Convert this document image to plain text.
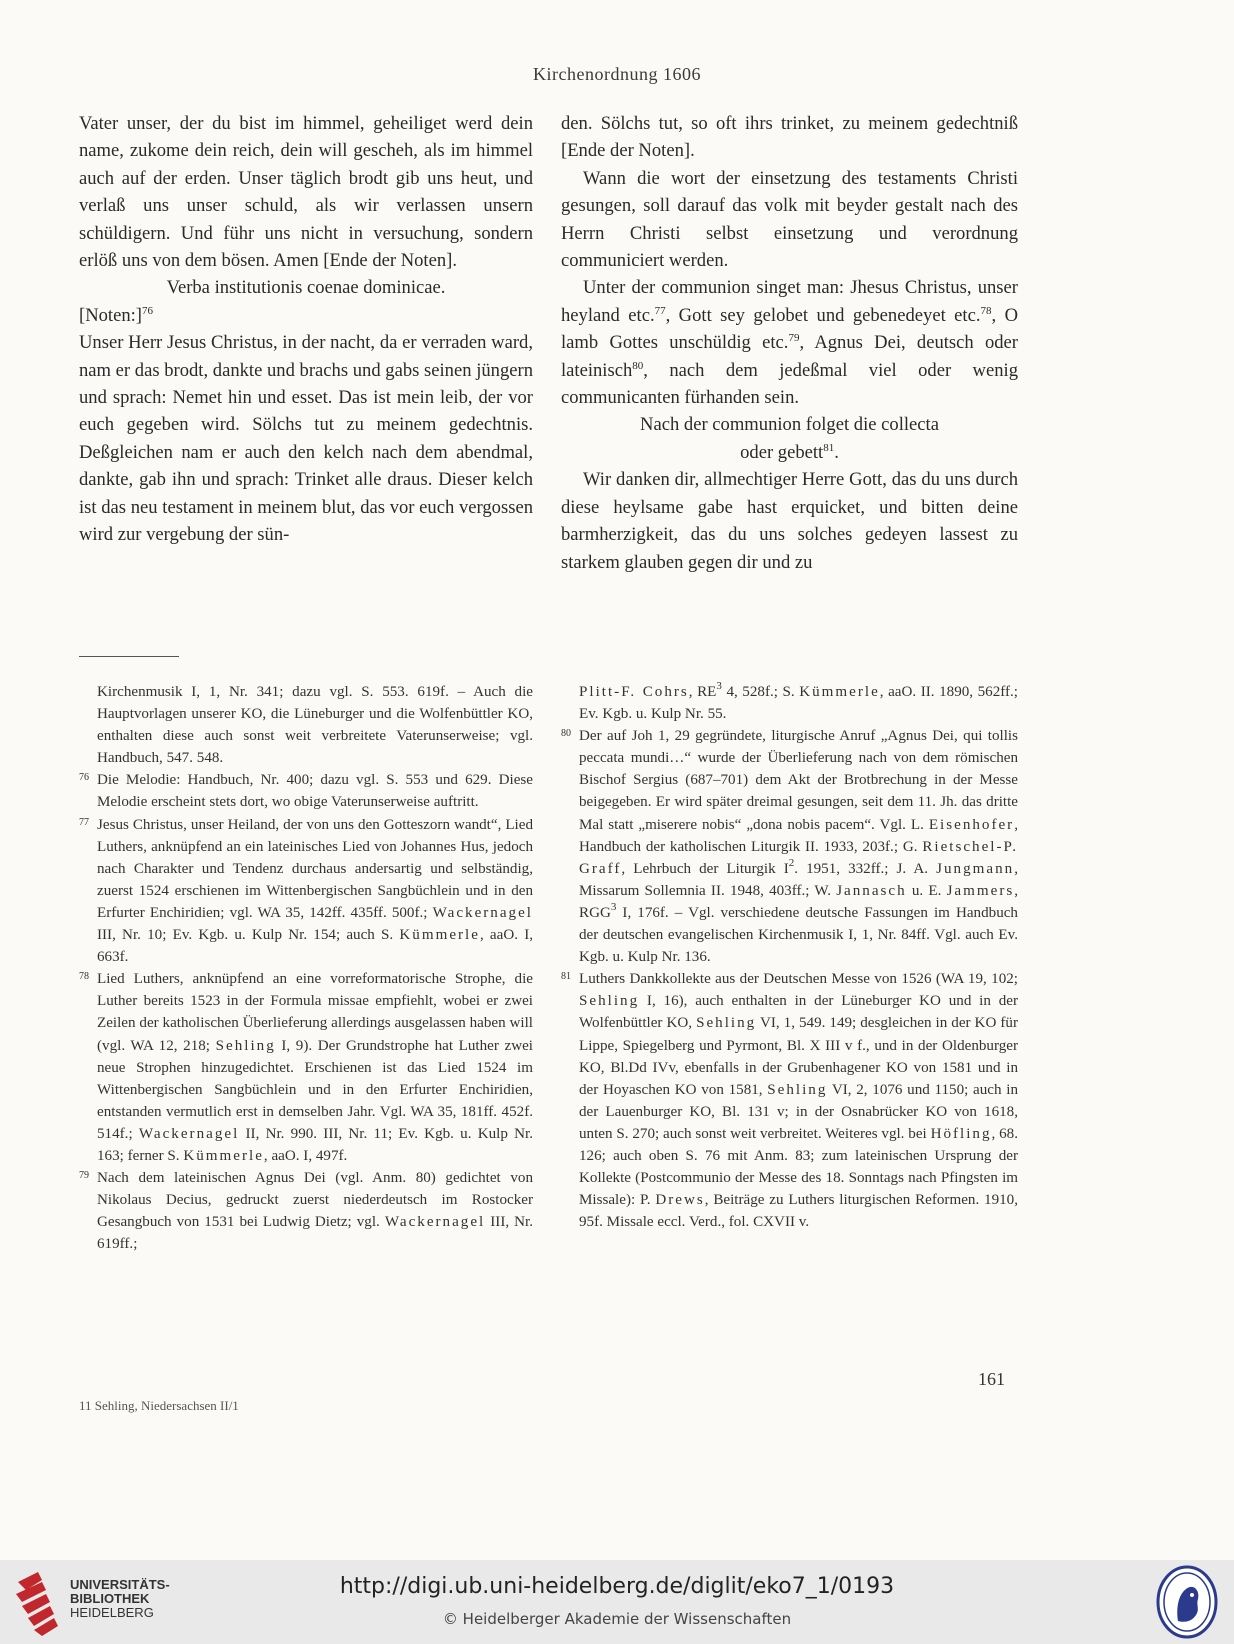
Kirchenordnung 1606

Vater unser, der du bist im himmel, geheiliget werd dein name, zukome dein reich, dein will gescheh, als im himmel auch auf der erden. Unser täglich brodt gib uns heut, und verlaß uns unser schuld, als wir verlassen unsern schüldigern. Und führ uns nicht in versuchung, sondern erlöß uns von dem bösen. Amen [Ende der Noten].

Verba institutionis coenae dominicae.

[Noten:]$^{76}$

Unser Herr Jesus Christus, in der nacht, da er verraden ward, nam er das brodt, dankte und brachs und gabs seinen jüngern und sprach: Nemet hin und esset. Das ist mein leib, der vor euch gegeben wird. Sölchs tut zu meinem gedechtnis. Deßgleichen nam er auch den kelch nach dem abendmal, dankte, gab ihn und sprach: Trinket alle draus. Dieser kelch ist das neu testament in meinem blut, das vor euch vergossen wird zur vergebung der sün-

den. Sölchs tut, so oft ihrs trinket, zu meinem gedechtniß [Ende der Noten].

Wann die wort der einsetzung des testaments Christi gesungen, soll darauf das volk mit beyder gestalt nach des Herrn Christi selbst einsetzung und verordnung communiciert werden.

Unter der communion singet man: Jhesus Christus, unser heyland etc.$^{77}$, Gott sey gelobet und gebenedeyet etc.$^{78}$, O lamb Gottes unschüldig etc.$^{79}$, Agnus Dei, deutsch oder lateinisch$^{80}$, nach dem jedeßmal viel oder wenig communicanten fürhanden sein.

Nach der communion folget die collecta
oder gebett$^{81}$.

Wir danken dir, allmechtiger Herre Gott, das du uns durch diese heylsame gabe hast erquicket, und bitten deine barmherzigkeit, das du uns solches gedeyen lassest zu starkem glauben gegen dir und zu

Kirchenmusik I, 1, Nr. 341; dazu vgl. S. 553. 619f. – Auch die Hauptvorlagen unserer KO, die Lüneburger und die Wolfenbüttler KO, enthalten diese auch sonst weit verbreitete Vaterunserweise; vgl. Handbuch, 547. 548.

76 Die Melodie: Handbuch, Nr. 400; dazu vgl. S. 553 und 629. Diese Melodie erscheint stets dort, wo obige Vaterunserweise auftritt.

77 Jesus Christus, unser Heiland, der von uns den Gotteszorn wandt“, Lied Luthers, anknüpfend an ein lateinisches Lied von Johannes Hus, jedoch nach Charakter und Tendenz durchaus andersartig und selbständig, zuerst 1524 erschienen im Wittenbergischen Sangbüchlein und in den Erfurter Enchiridien; vgl. WA 35, 142ff. 435ff. 500f.; Wackernagel III, Nr. 10; Ev. Kgb. u. Kulp Nr. 154; auch S. Kümmerle, aaO. I, 663f.

78 Lied Luthers, anknüpfend an eine vorreformatorische Strophe, die Luther bereits 1523 in der Formula missae empfiehlt, wobei er zwei Zeilen der katholischen Überlieferung allerdings ausgelassen haben will (vgl. WA 12, 218; Sehling I, 9). Der Grundstrophe hat Luther zwei neue Strophen hinzugedichtet. Erschienen ist das Lied 1524 im Wittenbergischen Sangbüchlein und in den Erfurter Enchiridien, entstanden vermutlich erst in demselben Jahr. Vgl. WA 35, 181ff. 452f. 514f.; Wackernagel II, Nr. 990. III, Nr. 11; Ev. Kgb. u. Kulp Nr. 163; ferner S. Kümmerle, aaO. I, 497f.

79 Nach dem lateinischen Agnus Dei (vgl. Anm. 80) gedichtet von Nikolaus Decius, gedruckt zuerst niederdeutsch im Rostocker Gesangbuch von 1531 bei Ludwig Dietz; vgl. Wackernagel III, Nr. 619ff.;

Plitt-F. Cohrs, $RE^3$ 4, 528f.; S. Kümmerle, aaO. II. 1890, 562ff.; Ev. Kgb. u. Kulp Nr. 55.

80 Der auf Joh 1, 29 gegründete, liturgische Anruf „Agnus Dei, qui tollis peccata mundi…“ wurde der Überlieferung nach von dem römischen Bischof Sergius (687–701) dem Akt der Brotbrechung in der Messe beigegeben. Er wird später dreimal gesungen, seit dem 11. Jh. das dritte Mal statt „miserere nobis“ „dona nobis pacem“. Vgl. L. Eisenhofer, Handbuch der katholischen Liturgik II. 1933, 203f.; G. Rietschel-P. Graff, Lehrbuch der Liturgik $I^2$. 1951, 332ff.; J. A. Jungmann, Missarum Sollemnia II. 1948, 403ff.; W. Jannasch u. E. Jammers, RGG$^3$ I, 176f. – Vgl. verschiedene deutsche Fassungen im Handbuch der deutschen evangelischen Kirchenmusik I, 1, Nr. 84ff. Vgl. auch Ev. Kgb. u. Kulp Nr. 136.

81 Luthers Dankkollekte aus der Deutschen Messe von 1526 (WA 19, 102; Sehling I, 16), auch enthalten in der Lüneburger KO und in der Wolfenbüttler KO, Sehling VI, 1, 549. 149; desgleichen in der KO für Lippe, Spiegelberg und Pyrmont, Bl. X III v f., und in der Oldenburger KO, Bl.Dd IVv, ebenfalls in der Grubenhagener KO von 1581 und in der Hoyaschen KO von 1581, Sehling VI, 2, 1076 und 1150; auch in der Lauenburger KO, Bl. 131 v; in der Osnabrücker KO von 1618, unten S. 270; auch sonst weit verbreitet. Weiteres vgl. bei Höfling, 68. 126; auch oben S. 76 mit Anm. 83; zum lateinischen Ursprung der Kollekte (Postcommunio der Messe des 18. Sonntags nach Pfingsten im Missale): P. Drews, Beiträge zu Luthers liturgischen Reformen. 1910, 95f. Missale eccl. Verd., fol. CXVII v.

161
11 Sehling, Niedersachsen II/1
UNIVERSITÄTS-
BIBLIOTHEK
HEIDELBERG
http://digi.ub.uni-heidelberg.de/diglit/eko7_1/0193
© Heidelberger Akademie der Wissenschaften
